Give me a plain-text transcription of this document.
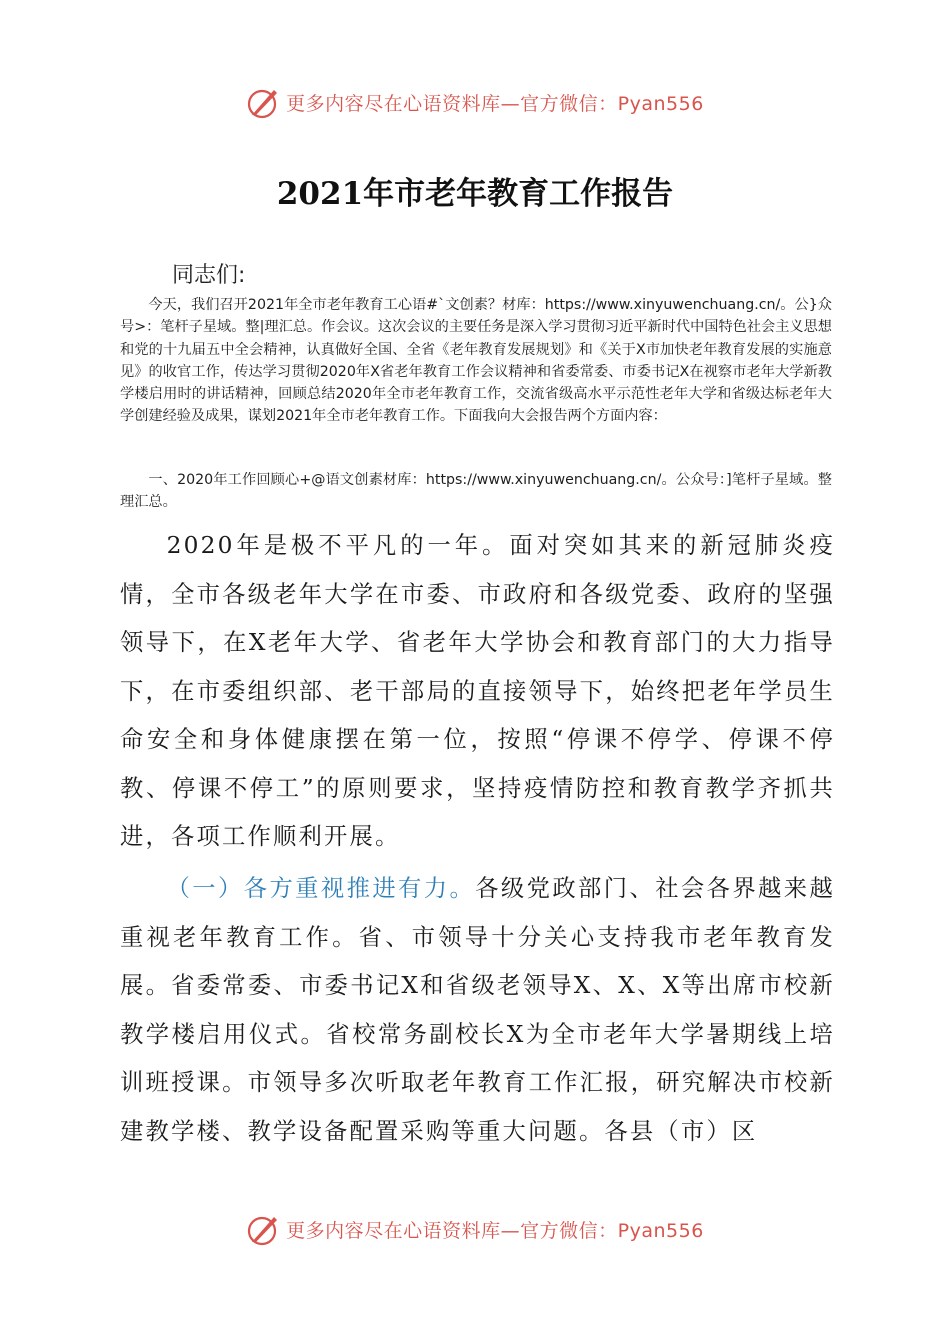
更多内容尽在心语资料库—官方微信：Pyan556
2021年市老年教育工作报告

同志们:

今天，我们召开2021年全市老年教育工心语#`文创素？材库：https://www.xinyuwenchuang.cn/。公}众号>：笔杆子星域。整|理汇总。作会议。这次会议的主要任务是深入学习贯彻习近平新时代中国特色社会主义思想和党的十九届五中全会精神，认真做好全国、全省《老年教育发展规划》和《关于X市加快老年教育发展的实施意见》的收官工作，传达学习贯彻2020年X省老年教育工作会议精神和省委常委、市委书记X在视察市老年大学新教学楼启用时的讲话精神，回顾总结2020年全市老年教育工作，交流省级高水平示范性老年大学和省级达标老年大学创建经验及成果，谋划2021年全市老年教育工作。下面我向大会报告两个方面内容：

一、2020年工作回顾心+@语文创素材库：https://www.xinyuwenchuang.cn/。公众号：]笔杆子星域。整理汇总。

2020年是极不平凡的一年。面对突如其来的新冠肺炎疫情，全市各级老年大学在市委、市政府和各级党委、政府的坚强领导下，在X老年大学、省老年大学协会和教育部门的大力指导下，在市委组织部、老干部局的直接领导下，始终把老年学员生命安全和身体健康摆在第一位，按照“停课不停学、停课不停教、停课不停工”的原则要求，坚持疫情防控和教育教学齐抓共进，各项工作顺利开展。

（一）各方重视推进有力。各级党政部门、社会各界越来越重视老年教育工作。省、市领导十分关心支持我市老年教育发展。省委常委、市委书记X和省级老领导X、X、X等出席市校新教学楼启用仪式。省校常务副校长X为全市老年大学暑期线上培训班授课。市领导多次听取老年教育工作汇报，研究解决市校新建教学楼、教学设备配置采购等重大问题。各县（市）区

更多内容尽在心语资料库—官方微信：Pyan556
